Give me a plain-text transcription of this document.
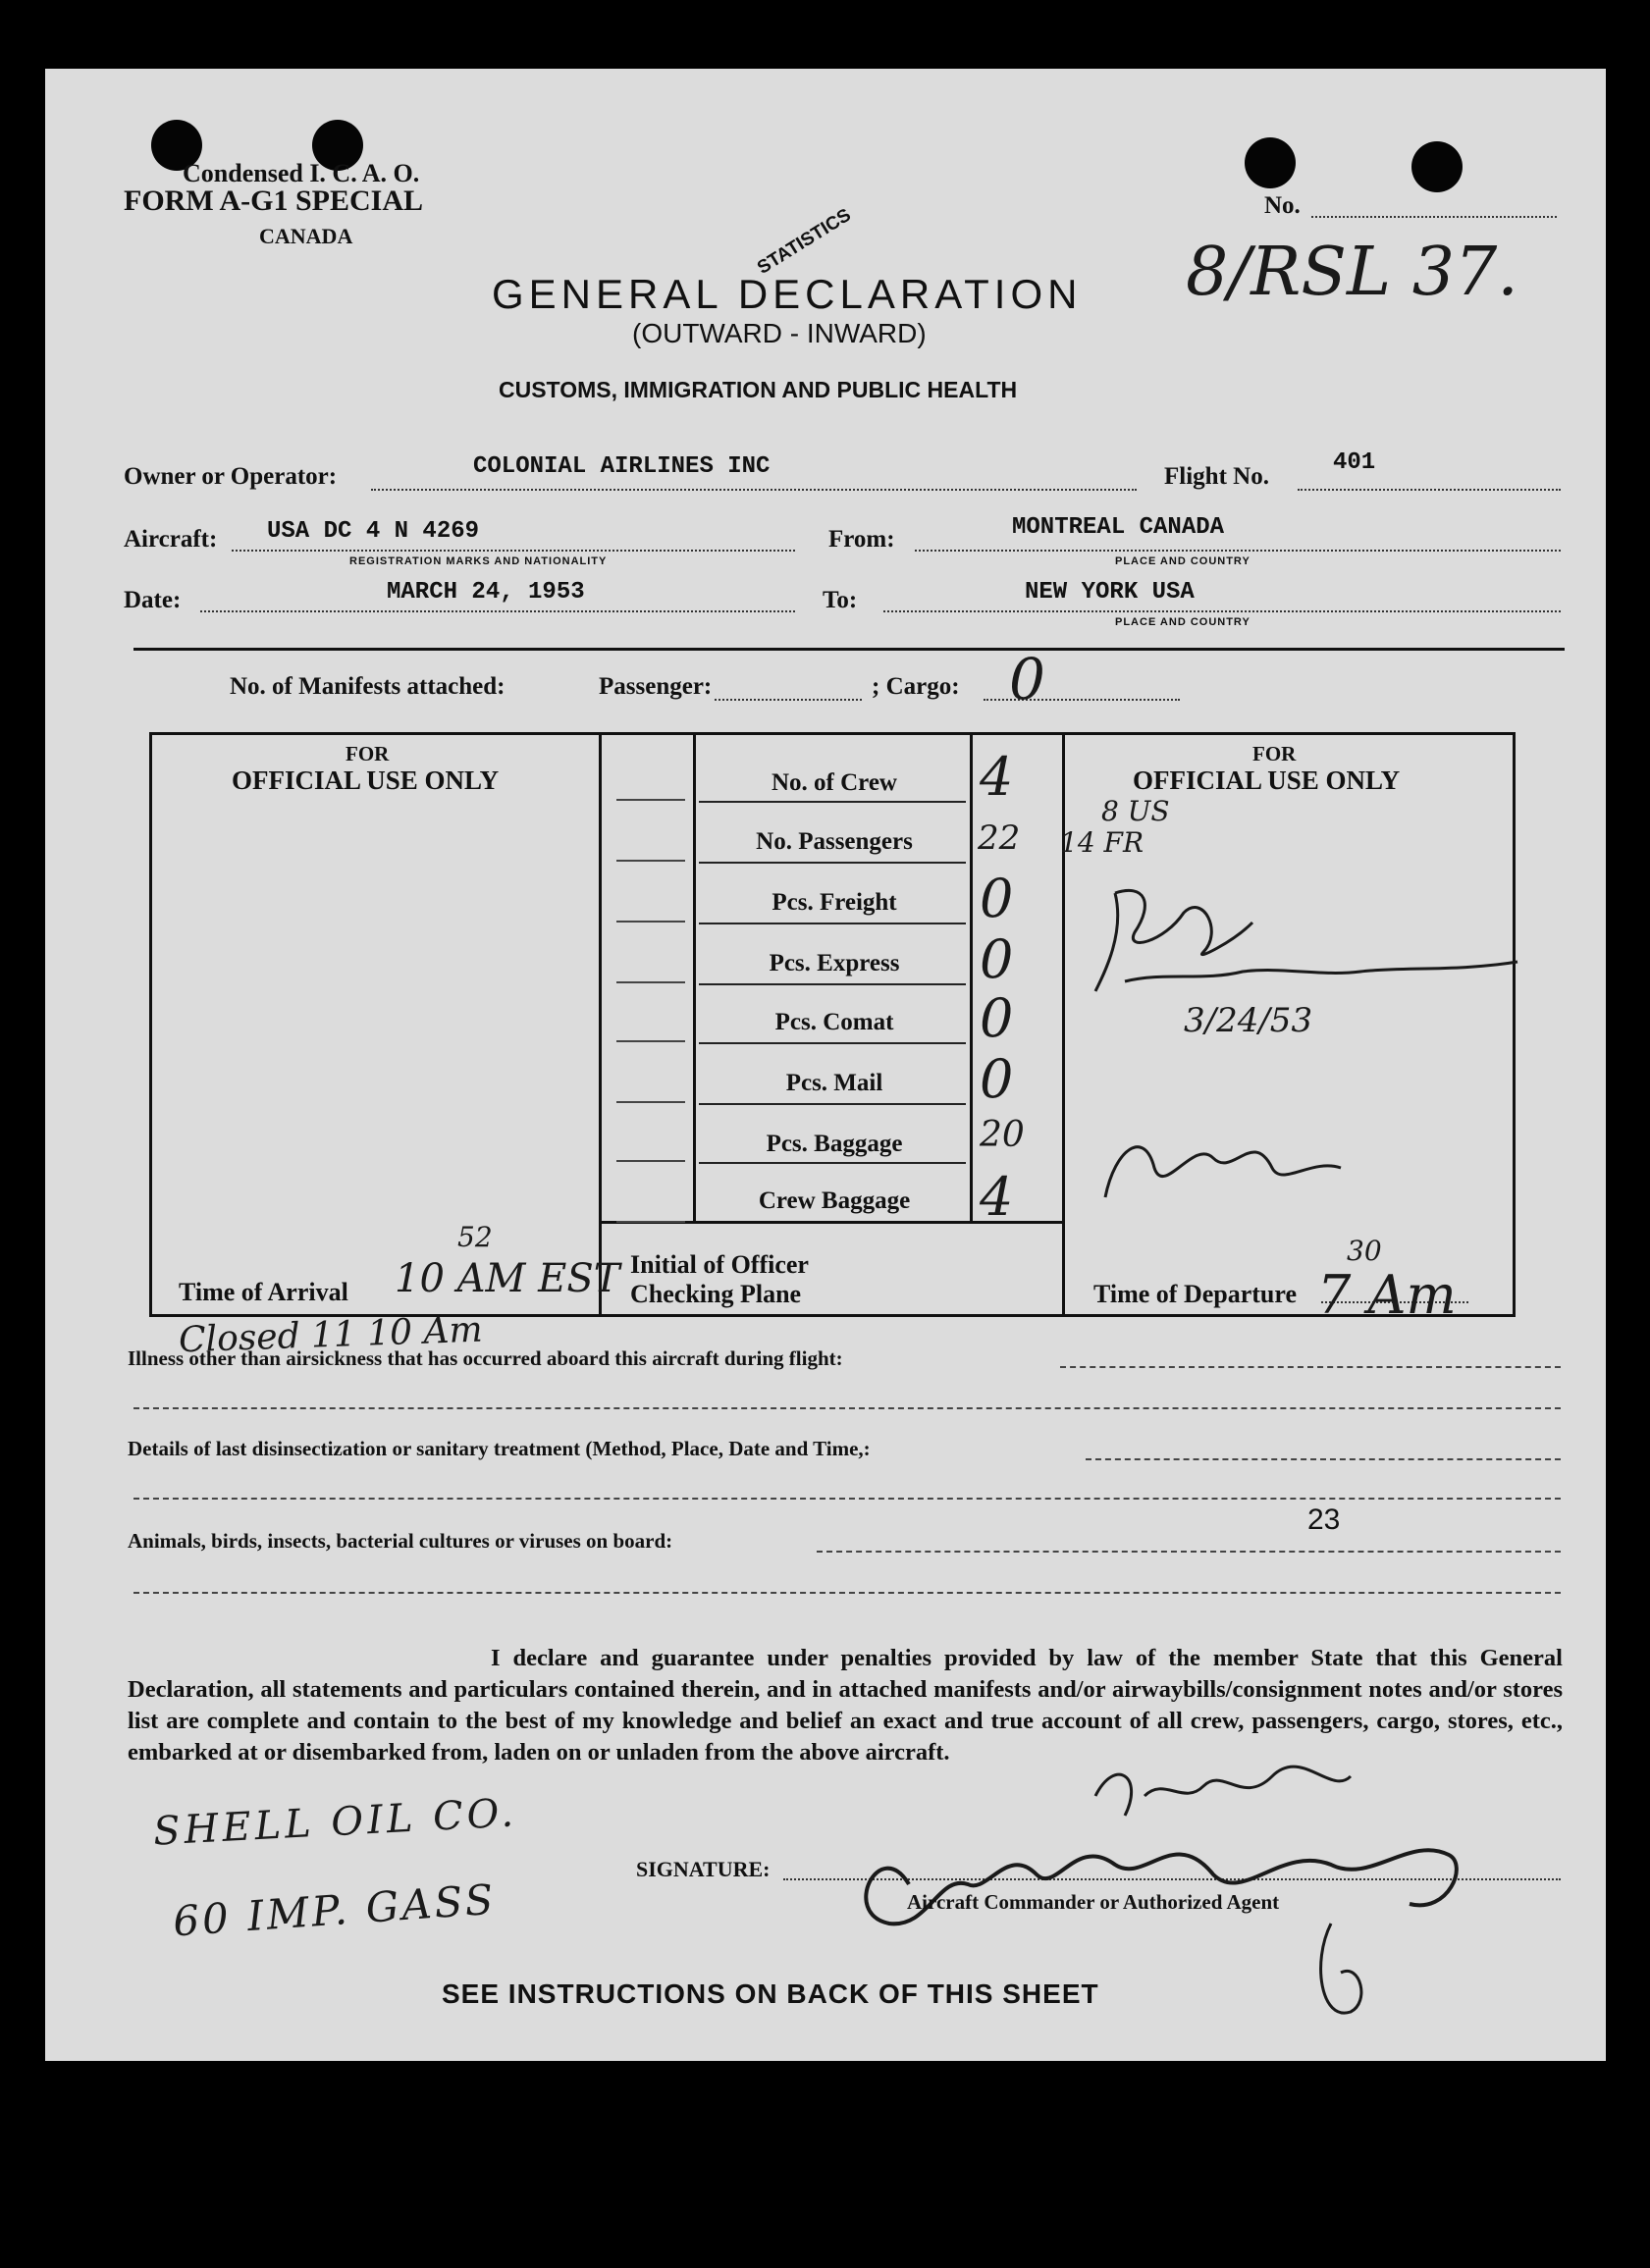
Condensed I. C. A. O.
FORM A-G1 SPECIAL
CANADA
No.
8/RSL 37.
GENERAL DECLARATION
STATISTICS
(OUTWARD - INWARD)
CUSTOMS, IMMIGRATION AND PUBLIC HEALTH
Owner or Operator:	COLONIAL AIRLINES INC	Flight No.
401
Aircraft: USA DC 4 N 4269
REGISTRATION MARKS AND NATIONALITY
From:	MONTREAL CANADA
PLACE AND COUNTRY
Date:	MARCH 24, 1953	To:	NEW YORK USA
PLACE AND COUNTRY
No. of Manifests attached:	Passenger:	; Cargo: 0
FOR
OFFICIAL USE ONLY
FOR
OFFICIAL USE ONLY
No. of Crew	4
No. Passengers	22
Pcs. Freight	0
Pcs. Express	0
Pcs. Comat	0
Pcs. Mail	0
Pcs. Baggage	20
Crew Baggage	4
8 US
14 FR
3/24/53
Time of Arrival 10 AM EST
52
Initial of Officer
Checking Plane	Time of Departure 7 Am
30
Closed 11 10 Am
Illness other than airsickness that has occurred aboard this aircraft during flight:
Details of last disinsectization or sanitary treatment (Method, Place, Date and Time,:
Animals, birds, insects, bacterial cultures or viruses on board:
23
I declare and guarantee under penalties provided by law of the member State that this General Declaration, all statements and particulars contained therein, and in attached manifests and/or airwaybills/consignment notes and/or stores list are complete and contain to the best of my knowledge and belief an exact and true account of all crew, passengers, cargo, stores, etc., embarked at or disembarked from, laden on or unladen from the above aircraft.
SHELL OIL CO.
60 IMP. GASS
SIGNATURE:
Aircraft Commander or Authorized Agent
SEE INSTRUCTIONS ON BACK OF THIS SHEET
